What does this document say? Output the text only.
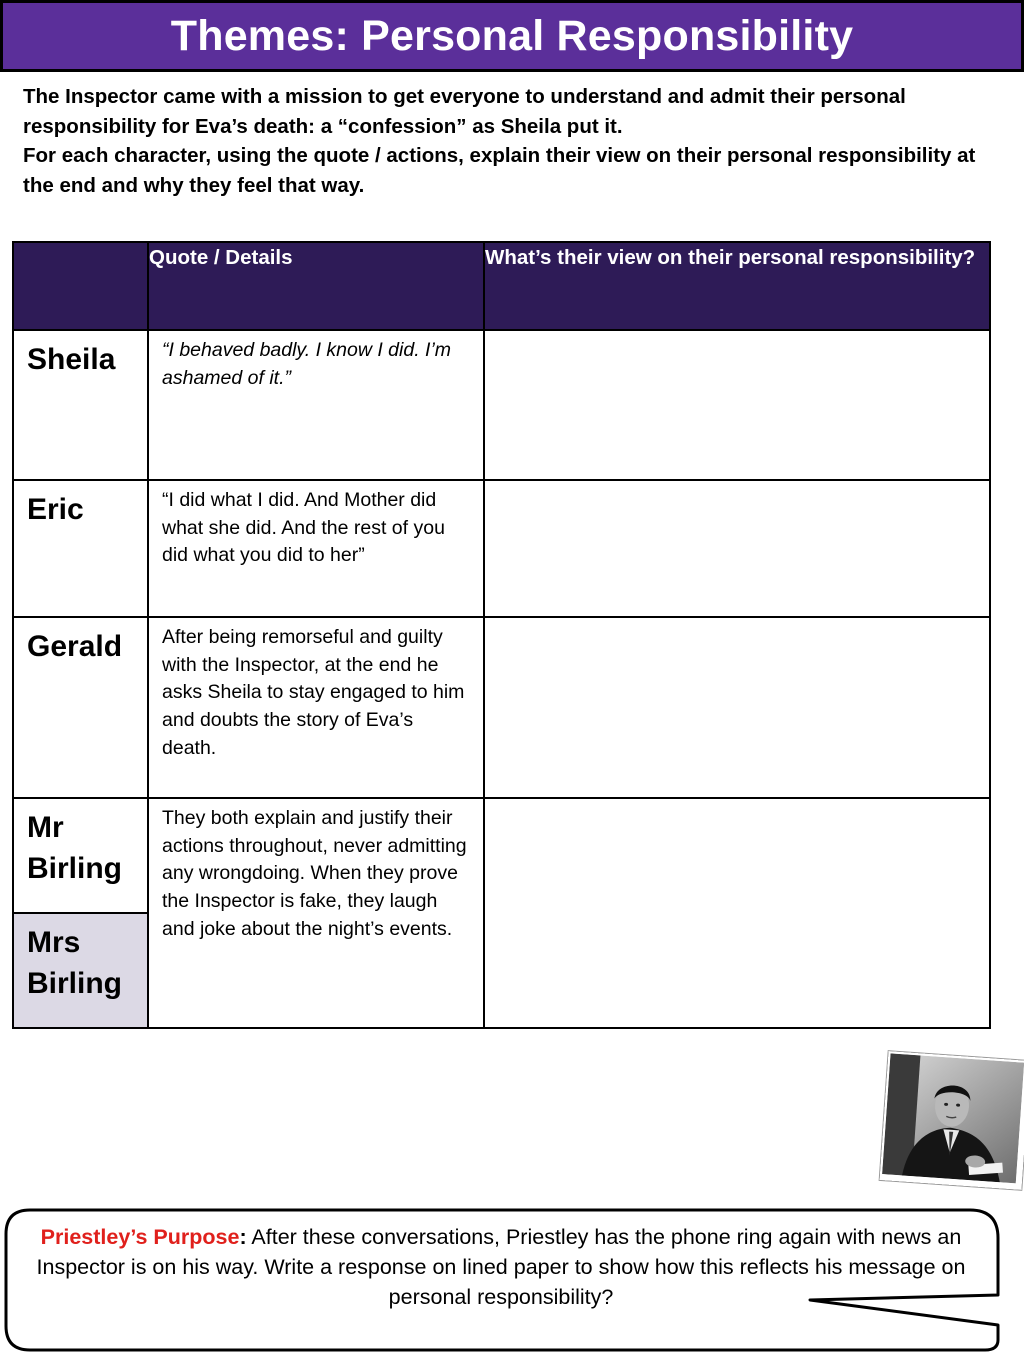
Themes: Personal Responsibility

The Inspector came with a mission to get everyone to understand and admit their personal responsibility for Eva’s death: a “confession” as Sheila put it.

For each character, using the quote / actions, explain their view on their personal responsibility at the end and why they feel that way.

	Quote / Details	What’s their view on their personal responsibility?
Sheila	“I behaved badly. I know I did. I’m ashamed of it.”	
Eric	“I did what I did. And Mother did what she did. And the rest of you did what you did to her”	
Gerald	After being remorseful and guilty with the Inspector, at the end he asks Sheila to stay engaged to him and doubts the story of Eva’s death.	
Mr Birling	They both explain and justify their actions throughout, never admitting any wrongdoing. When they prove the Inspector is fake, they laugh and joke about the night’s events.	
Mrs Birling		
Priestley’s Purpose: After these conversations, Priestley has the phone ring again with news an Inspector is on his way. Write a response on lined paper to show how this reflects his message on personal responsibility?
